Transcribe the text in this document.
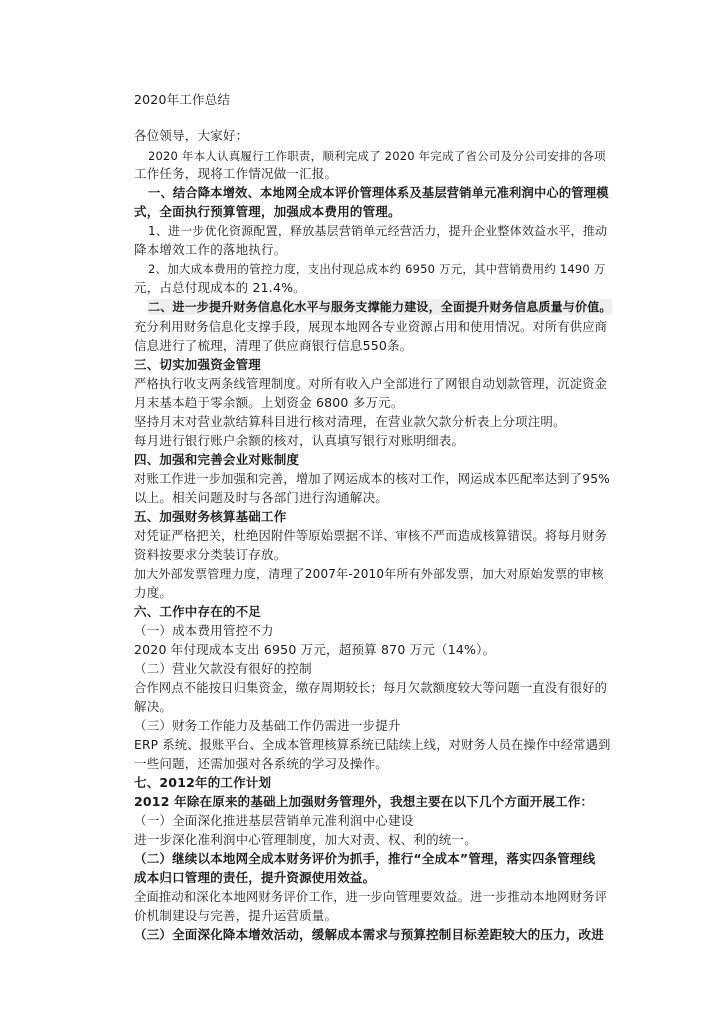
2020年工作总结
各位领导，大家好：
2020 年本人认真履行工作职责，顺利完成了 2020 年完成了省公司及分公司安排的各项
工作任务，现将工作情况做一汇报。
一、结合降本增效、本地网全成本评价管理体系及基层营销单元准利润中心的管理模
式，全面执行预算管理，加强成本费用的管理。
1、进一步优化资源配置，释放基层营销单元经营活力，提升企业整体效益水平，推动
降本增效工作的落地执行。
2、加大成本费用的管控力度，支出付现总成本约 6950 万元，其中营销费用约 1490 万
元，占总付现成本的 21.4%。
二、进一步提升财务信息化水平与服务支撑能力建设，全面提升财务信息质量与价值。
充分利用财务信息化支撑手段，展现本地网各专业资源占用和使用情况。对所有供应商
信息进行了梳理，清理了供应商银行信息550条。
三、切实加强资金管理
严格执行收支两条线管理制度。对所有收入户全部进行了网银自动划款管理，沉淀资金
月末基本趋于零余额。上划资金 6800 多万元。
坚持月末对营业款结算科目进行核对清理，在营业款欠款分析表上分项注明。
每月进行银行账户余额的核对，认真填写银行对账明细表。
四、加强和完善会业对账制度
对账工作进一步加强和完善，增加了网运成本的核对工作，网运成本匹配率达到了95%
以上。相关问题及时与各部门进行沟通解决。
五、加强财务核算基础工作
对凭证严格把关，杜绝因附件等原始票据不详、审核不严而造成核算错误。将每月财务
资料按要求分类装订存放。
加大外部发票管理力度，清理了2007年-2010年所有外部发票，加大对原始发票的审核
力度。
六、工作中存在的不足
（一）成本费用管控不力
2020 年付现成本支出 6950 万元，超预算 870 万元（14%）。
（二）营业欠款没有很好的控制
合作网点不能按日归集资金，缴存周期较长；每月欠款额度较大等问题一直没有很好的
解决。
（三）财务工作能力及基础工作仍需进一步提升
ERP 系统、报账平台、全成本管理核算系统已陆续上线，对财务人员在操作中经常遇到
一些问题，还需加强对各系统的学习及操作。
七、2012年的工作计划
2012 年除在原来的基础上加强财务管理外，我想主要在以下几个方面开展工作：
（一）全面深化推进基层营销单元准利润中心建设
进一步深化准利润中心管理制度，加大对责、权、利的统一。
（二）继续以本地网全成本财务评价为抓手，推行“全成本”管理，落实四条管理线
成本归口管理的责任，提升资源使用效益。
全面推动和深化本地网财务评价工作，进一步向管理要效益。进一步推动本地网财务评
价机制建设与完善，提升运营质量。
（三）全面深化降本增效活动，缓解成本需求与预算控制目标差距较大的压力，改进
